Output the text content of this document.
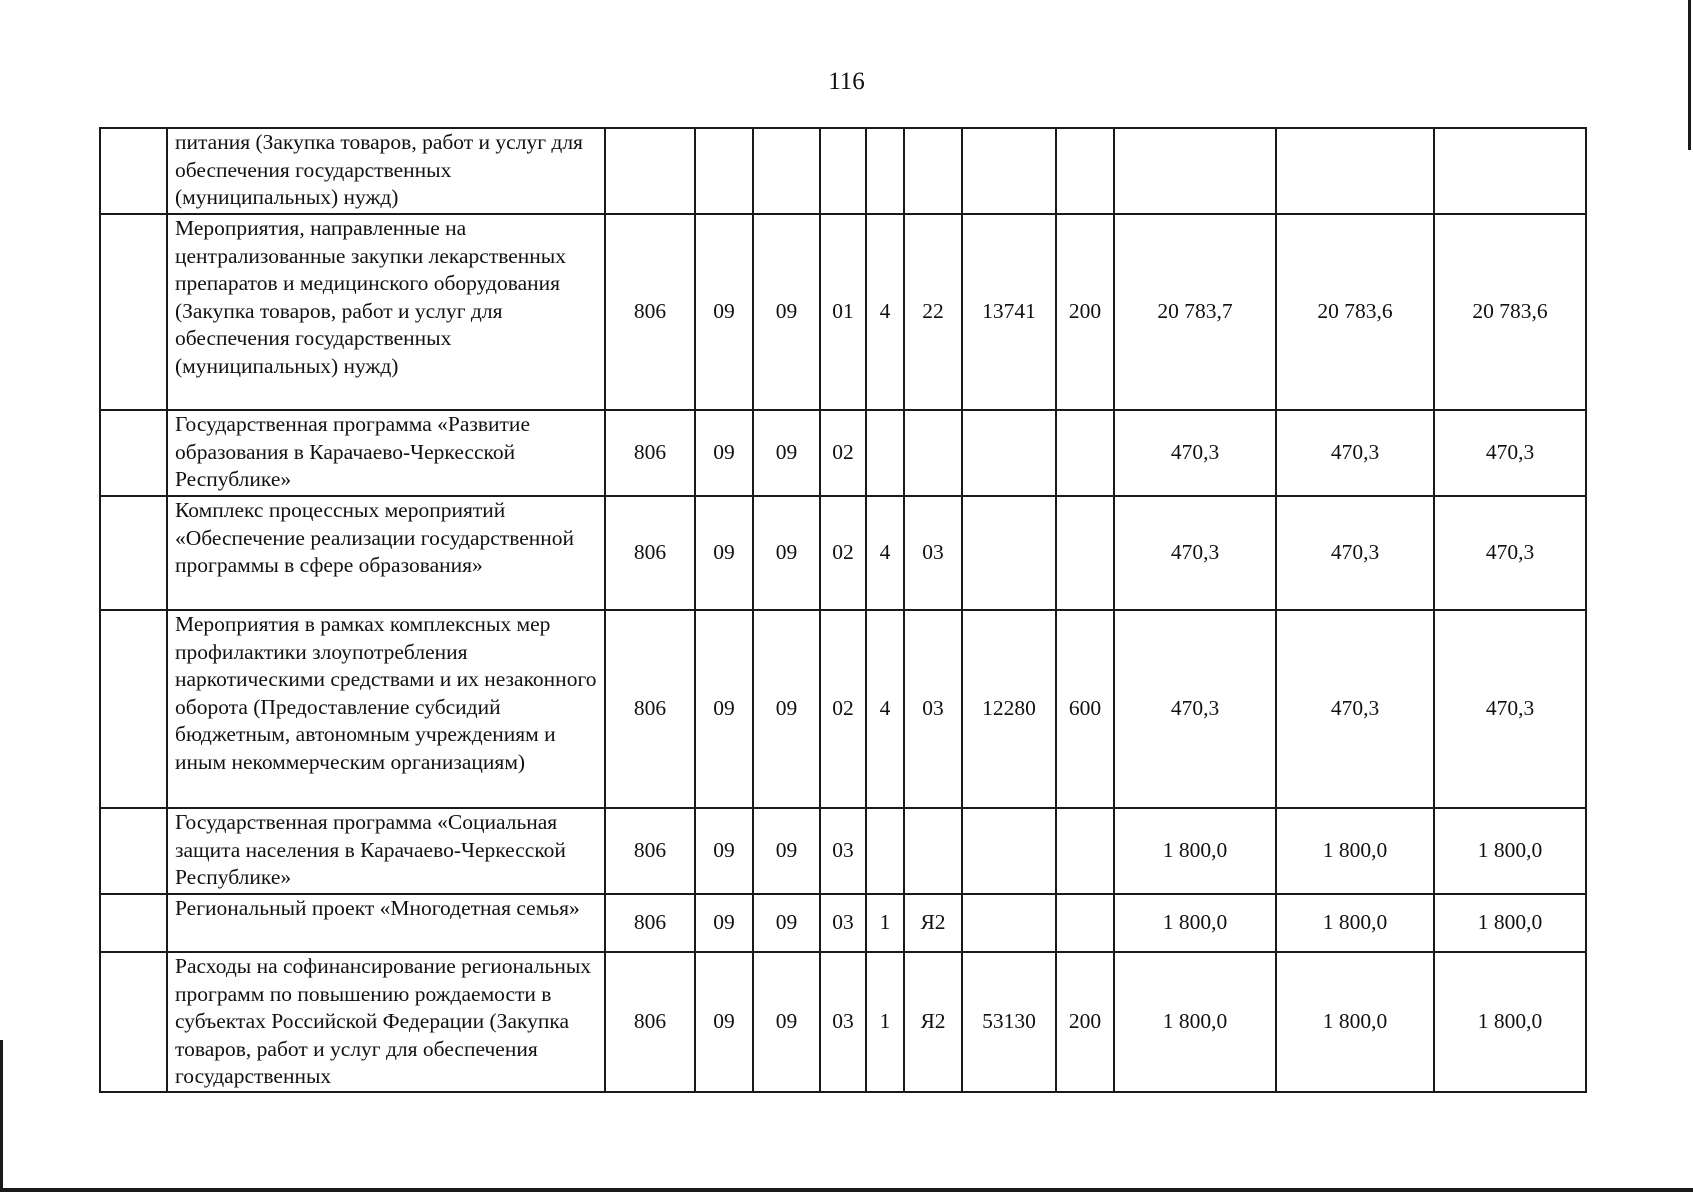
116
	питания (Закупка товаров, работ и услуг для обеспечения государственных (муниципальных) нужд)											
	Мероприятия, направленные на централизованные закупки лекарственных препаратов и медицинского оборудования (Закупка товаров, работ и услуг для обеспечения государственных (муниципальных) нужд)	806	09	09	01	4	22	13741	200	20 783,7	20 783,6	20 783,6
	Государственная программа «Развитие образования в Карачаево-Черкесской Республике»	806	09	09	02					470,3	470,3	470,3
	Комплекс процессных мероприятий «Обеспечение реализации государственной программы в сфере образования»	806	09	09	02	4	03			470,3	470,3	470,3
	Мероприятия в рамках комплексных мер профилактики злоупотребления наркотическими средствами и их незаконного оборота (Предоставление субсидий бюджетным, автономным учреждениям и иным некоммерческим организациям)	806	09	09	02	4	03	12280	600	470,3	470,3	470,3
	Государственная программа «Социальная защита населения в Карачаево-Черкесской Республике»	806	09	09	03					1 800,0	1 800,0	1 800,0
	Региональный проект «Многодетная семья»	806	09	09	03	1	Я2			1 800,0	1 800,0	1 800,0
	Расходы на софинансирование региональных программ по повышению рождаемости в субъектах Российской Федерации (Закупка товаров, работ и услуг для обеспечения государственных	806	09	09	03	1	Я2	53130	200	1 800,0	1 800,0	1 800,0
